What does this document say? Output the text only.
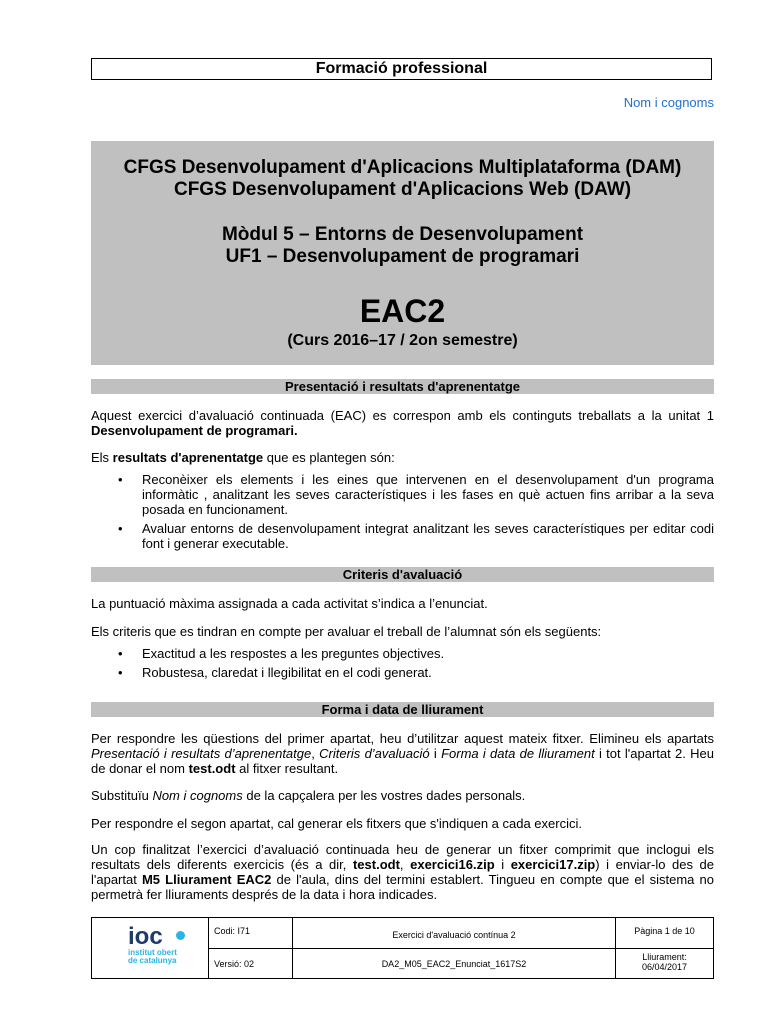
Formació professional
Nom i cognoms
CFGS Desenvolupament d'Aplicacions Multiplataforma (DAM)
CFGS Desenvolupament d'Aplicacions Web (DAW)
Mòdul 5 – Entorns de Desenvolupament
UF1 – Desenvolupament de programari
EAC2
(Curs 2016–17 / 2on semestre)
Presentació i resultats d'aprenentatge
Aquest exercici d’avaluació continuada (EAC) es correspon amb els continguts treballats a la unitat 1 Desenvolupament de programari.
Els resultats d'aprenentatge que es plantegen són:
• Reconèixer els elements i les eines que intervenen en el desenvolupament d'un programa informàtic , analitzant les seves característiques i les fases en què actuen fins arribar a la seva posada en funcionament.
• Avaluar entorns de desenvolupament integrat analitzant les seves característiques per editar codi font i generar executable.
Criteris d'avaluació
La puntuació màxima assignada a cada activitat s’indica a l’enunciat.
Els criteris que es tindran en compte per avaluar el treball de l’alumnat són els següents:
• Exactitud a les respostes a les preguntes objectives.
• Robustesa, claredat i llegibilitat en el codi generat.
Forma i data de lliurament
Per respondre les qüestions del primer apartat, heu d’utilitzar aquest mateix fitxer. Elimineu els apartats Presentació i resultats d’aprenentatge, Criteris d’avaluació i Forma i data de lliurament i tot l'apartat 2. Heu de donar el nom test.odt al fitxer resultant.
Substituïu Nom i cognoms de la capçalera per les vostres dades personals.
Per respondre el segon apartat, cal generar els fitxers que s'indiquen a cada exercici.
Un cop finalitzat l’exercici d’avaluació continuada heu de generar un fitxer comprimit que inclogui els resultats dels diferents exercicis (és a dir, test.odt, exercici16.zip i exercici17.zip) i enviar-lo des de l'apartat M5 Lliurament EAC2 de l'aula, dins del termini establert. Tingueu en compte que el sistema no permetrà fer lliuraments després de la data i hora indicades.
ioc
institut obert
de catalunya
Codi: I71
Versió: 02
Exercici d'avaluació contínua 2
DA2_M05_EAC2_Enunciat_1617S2
Pàgina 1 de 10
Lliurament:
06/04/2017
